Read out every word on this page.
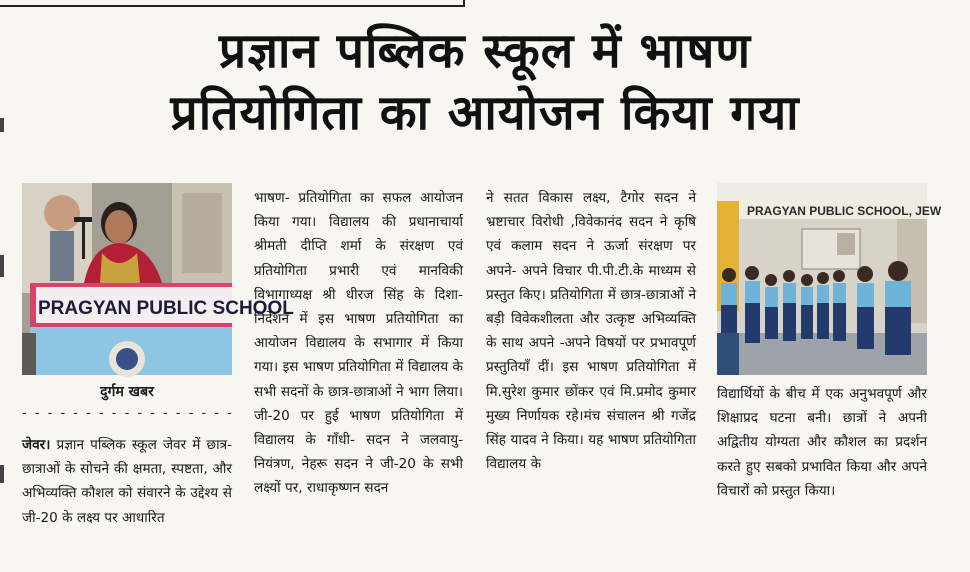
प्रज्ञान पब्लिक स्कूल में भाषण
प्रतियोगिता का आयोजन किया गया
PRAGYAN PUBLIC SCHOOL
दुर्गम खबर
- - - - - - - - - - - - - - - - -

जेवर। प्रज्ञान पब्लिक स्कूल जेवर में छात्र- छात्राओं के सोचने की क्षमता, स्पष्टता, और अभिव्यक्ति कौशल को संवारने के उद्देश्य से जी-20 के लक्ष्य पर आधारित

भाषण- प्रतियोगिता का सफल आयोजन किया गया। विद्यालय की प्रधानाचार्या श्रीमती दीप्ति शर्मा के संरक्षण एवं प्रतियोगिता प्रभारी एवं मानविकी विभागाध्यक्ष श्री धीरज सिंह के दिशा-निर्देशन में इस भाषण प्रतियोगिता का आयोजन विद्यालय के सभागार में किया गया। इस भाषण प्रतियोगिता में विद्यालय के सभी सदनों के छात्र-छात्राओं ने भाग लिया। जी-20 पर हुई भाषण प्रतियोगिता में विद्यालय के गाँधी- सदन ने जलवायु-नियंत्रण, नेहरू सदन ने जी-20 के सभी लक्ष्यों पर, राधाकृष्णन सदन

ने सतत विकास लक्ष्य, टैगोर सदन ने भ्रष्टाचार विरोधी ,विवेकानंद सदन ने कृषि एवं कलाम सदन ने ऊर्जा संरक्षण पर अपने- अपने विचार पी.पी.टी.के माध्यम से प्रस्तुत किए। प्रतियोगिता में छात्र-छात्राओं ने बड़ी विवेकशीलता और उत्कृष्ट अभिव्यक्ति के साथ अपने -अपने विषयों पर प्रभावपूर्ण प्रस्तुतियाँ दीं। इस भाषण प्रतियोगिता में मि.सुरेश कुमार छोंकर एवं मि.प्रमोद कुमार मुख्य निर्णायक रहे।मंच संचालन श्री गजेंद्र सिंह यादव ने किया। यह भाषण प्रतियोगिता विद्यालय के

PRAGYAN PUBLIC SCHOOL, JEW

विद्यार्थियों के बीच में एक अनुभवपूर्ण और शिक्षाप्रद घटना बनी। छात्रों ने अपनी अद्वितीय योग्यता और कौशल का प्रदर्शन करते हुए सबको प्रभावित किया और अपने विचारों को प्रस्तुत किया।
